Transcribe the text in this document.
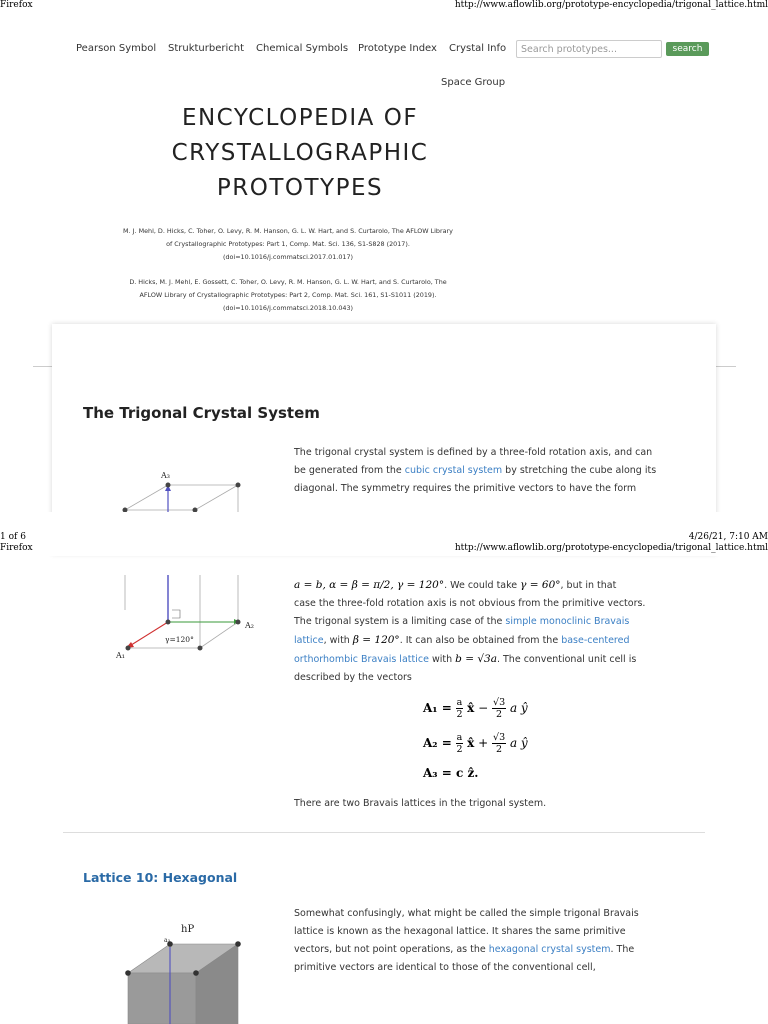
Firefox	http://www.aflowlib.org/prototype-encyclopedia/trigonal_lattice.html
Pearson Symbol Strukturbericht Chemical Symbols Prototype Index Crystal Info
Search prototypes...	search
Space Group
ENCYCLOPEDIA OF
CRYSTALLOGRAPHIC
PROTOTYPES
M. J. Mehl, D. Hicks, C. Toher, O. Levy, R. M. Hanson, G. L. W. Hart, and S. Curtarolo, The AFLOW Library
of Crystallographic Prototypes: Part 1, Comp. Mat. Sci. 136, S1-S828 (2017).
(doi=10.1016/j.commatsci.2017.01.017)
D. Hicks, M. J. Mehl, E. Gossett, C. Toher, O. Levy, R. M. Hanson, G. L. W. Hart, and S. Curtarolo, The
AFLOW Library of Crystallographic Prototypes: Part 2, Comp. Mat. Sci. 161, S1-S1011 (2019).
(doi=10.1016/j.commatsci.2018.10.043)
The Trigonal Crystal System
The trigonal crystal system is defined by a three-fold rotation axis, and can
be generated from the cubic crystal system by stretching the cube along its
diagonal. The symmetry requires the primitive vectors to have the form
A₃
1 of 6	4/26/21, 7:10 AM
Firefox	http://www.aflowlib.org/prototype-encyclopedia/trigonal_lattice.html
A₂
A₁
γ=120°
a = b, α = β = π/2, γ = 120°. We could take γ = 60°, but in that
case the three-fold rotation axis is not obvious from the primitive vectors.
The trigonal system is a limiting case of the simple monoclinic Bravais
lattice, with β = 120°. It can also be obtained from the base-centered
orthorhombic Bravais lattice with b = √3a. The conventional unit cell is
described by the vectors
$A_1 = \frac{a}{2}$ x̂ − $\frac{√3}{2}$ a ŷ
$A_2 = \frac{a}{2}$ x̂ + $\frac{√3}{2}$ a ŷ
A₃ = c ẑ.
There are two Bravais lattices in the trigonal system.
Lattice 10: Hexagonal
Somewhat confusingly, what might be called the simple trigonal Bravais
lattice is known as the hexagonal lattice. It shares the same primitive
vectors, but not point operations, as the hexagonal crystal system. The
primitive vectors are identical to those of the conventional cell,
hP
a₃
